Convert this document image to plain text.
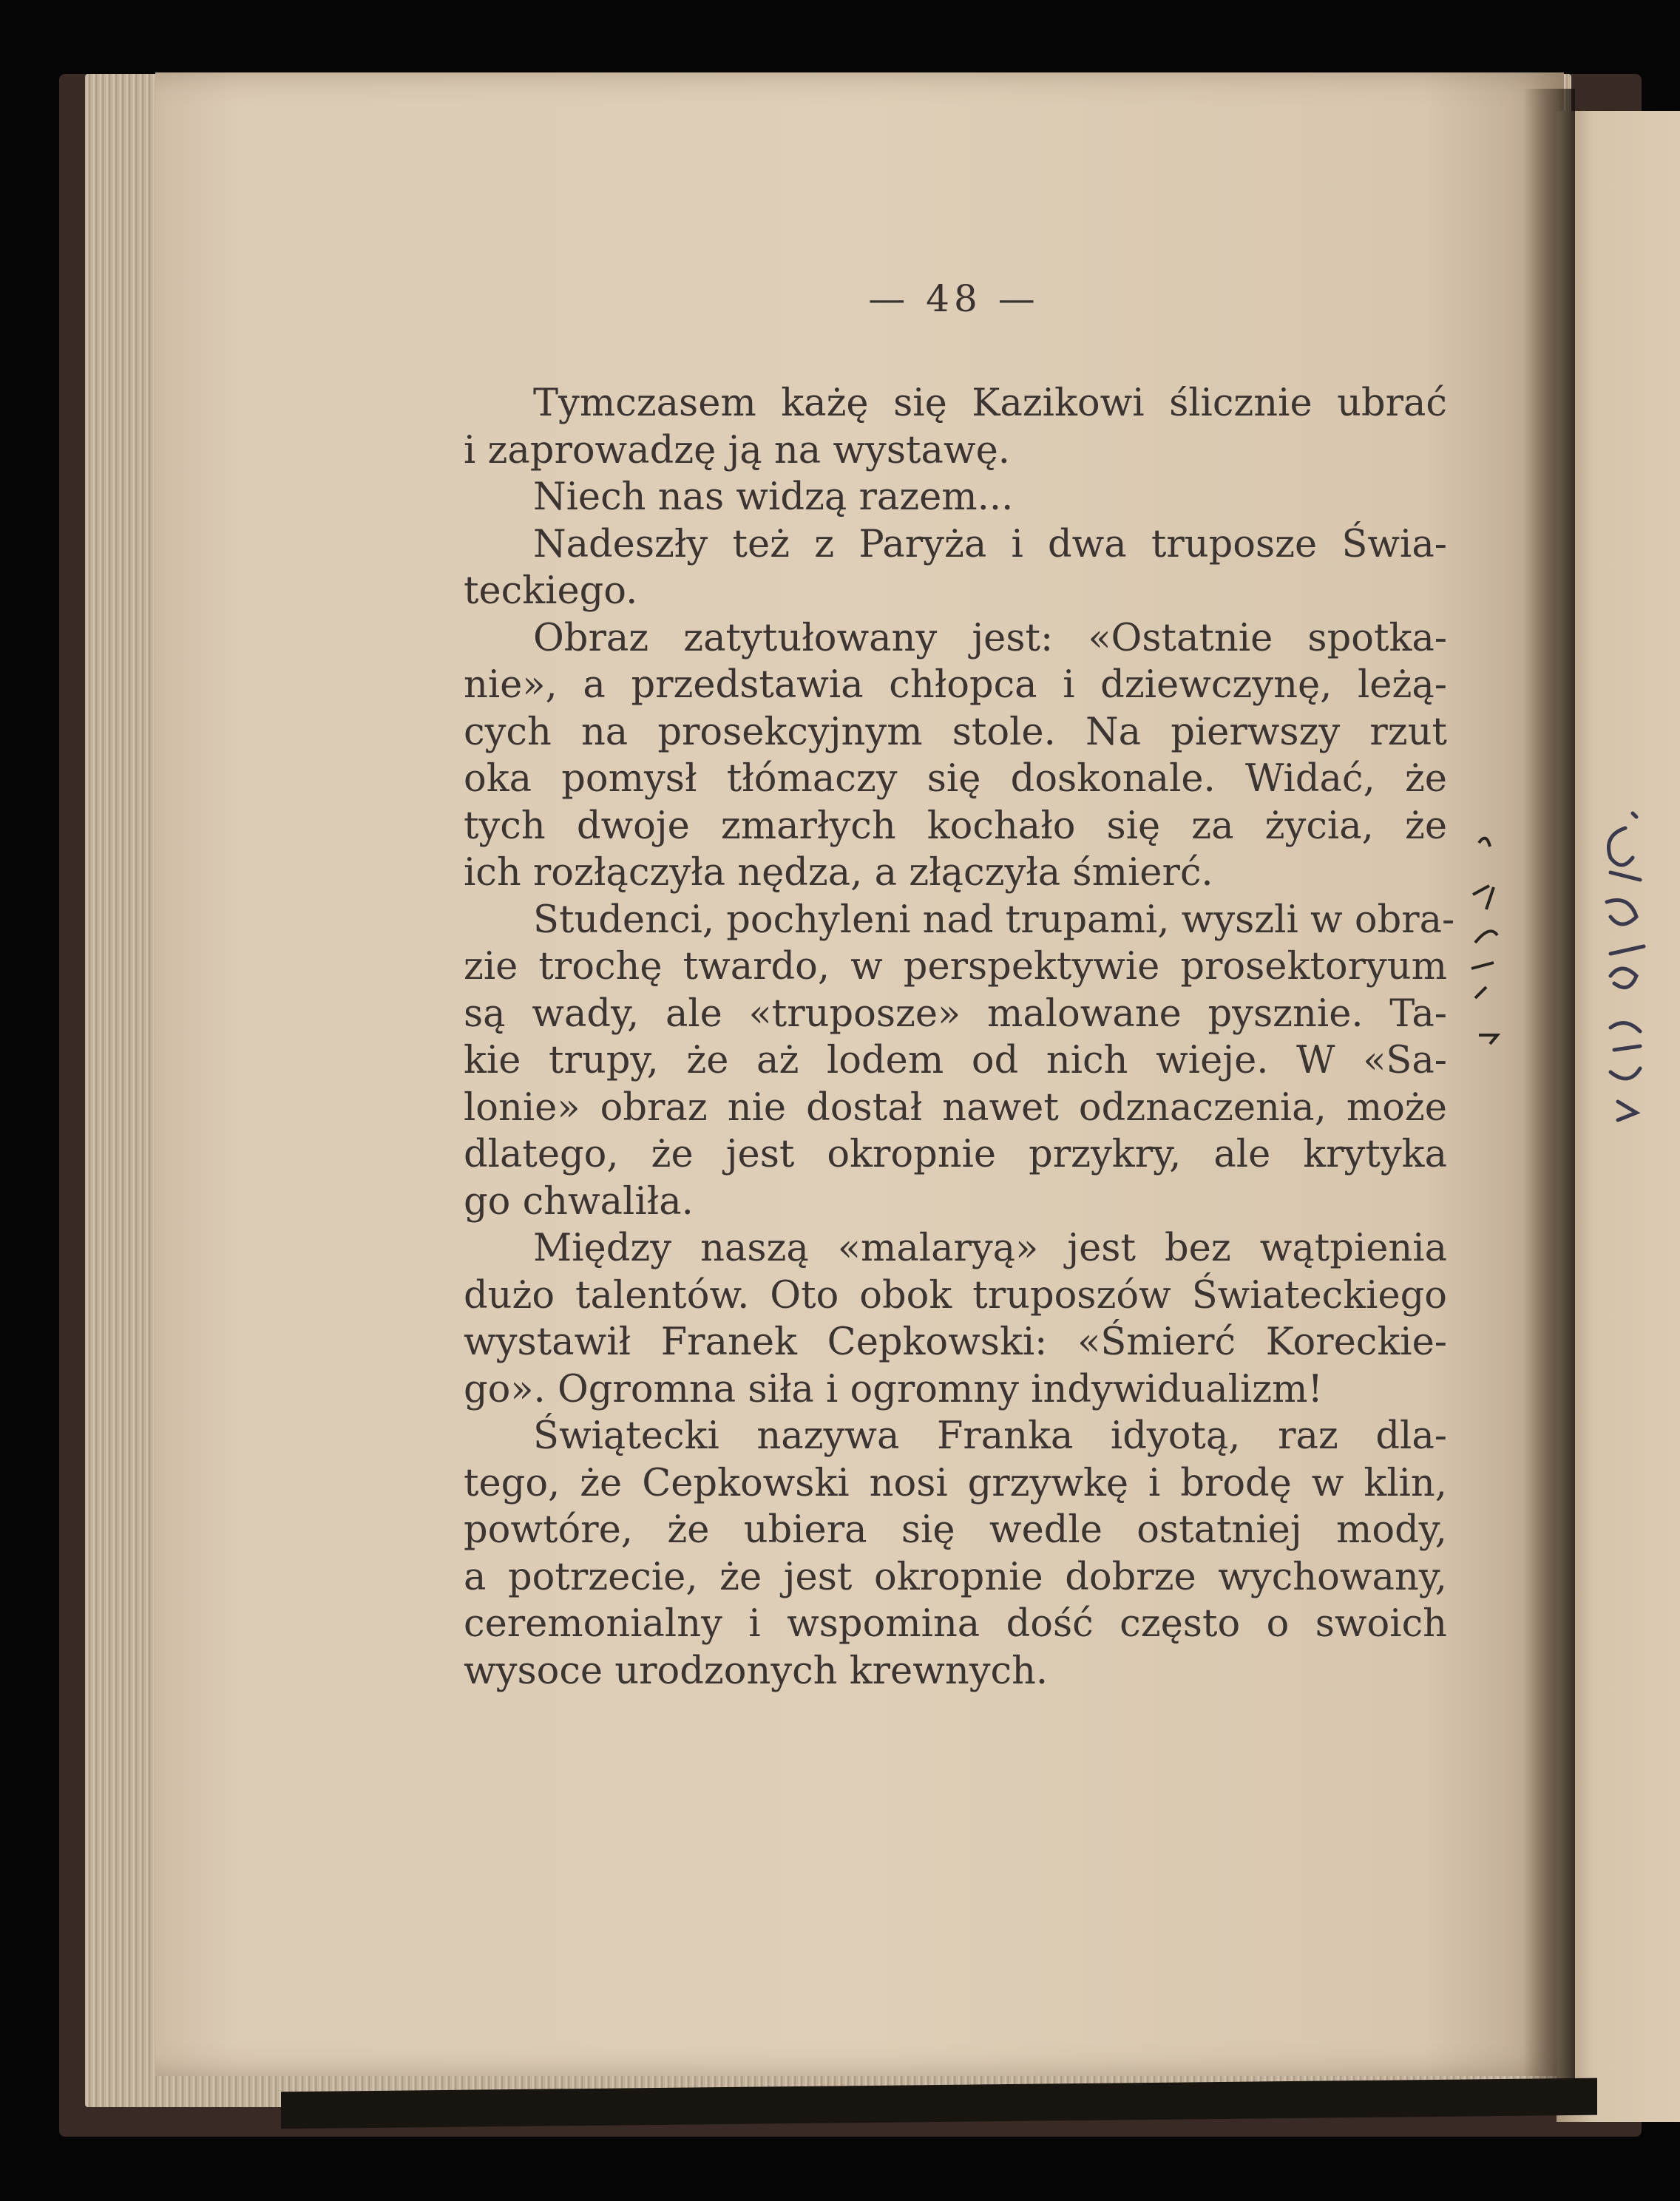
— 48 —
Tymczasem każę się Kazikowi ślicznie ubrać
i zaprowadzę ją na wystawę.
Niech nas widzą razem...
Nadeszły też z Paryża i dwa truposze Świa-
teckiego.
Obraz zatytułowany jest: «Ostatnie spotka-
nie», a przedstawia chłopca i dziewczynę, leżą-
cych na prosekcyjnym stole. Na pierwszy rzut
oka pomysł tłómaczy się doskonale. Widać, że
tych dwoje zmarłych kochało się za życia, że
ich rozłączyła nędza, a złączyła śmierć.
Studenci, pochyleni nad trupami, wyszli w obra-
zie trochę twardo, w perspektywie prosektoryum
są wady, ale «truposze» malowane pysznie. Ta-
kie trupy, że aż lodem od nich wieje. W «Sa-
lonie» obraz nie dostał nawet odznaczenia, może
dlatego, że jest okropnie przykry, ale krytyka
go chwaliła.
Między naszą «malaryą» jest bez wątpienia
dużo talentów. Oto obok truposzów Świateckiego
wystawił Franek Cepkowski: «Śmierć Koreckie-
go». Ogromna siła i ogromny indywidualizm!
Świątecki nazywa Franka idyotą, raz dla-
tego, że Cepkowski nosi grzywkę i brodę w klin,
powtóre, że ubiera się wedle ostatniej mody,
a potrzecie, że jest okropnie dobrze wychowany,
ceremonialny i wspomina dość często o swoich
wysoce urodzonych krewnych.
